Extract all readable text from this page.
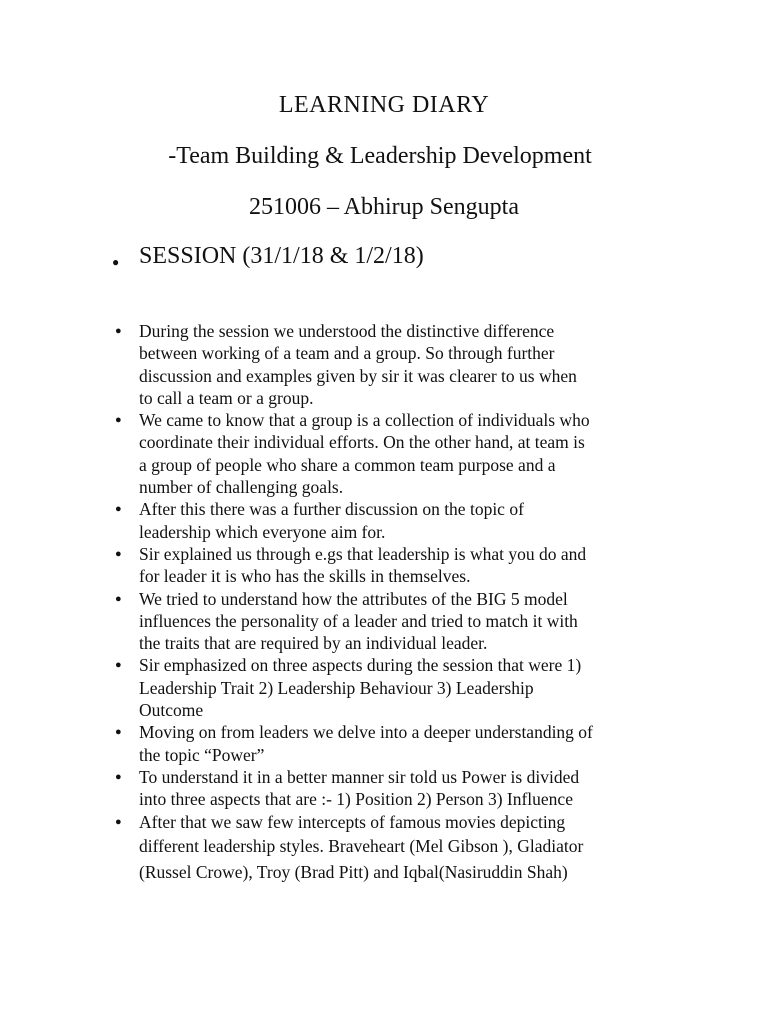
LEARNING DIARY
-Team Building & Leadership Development
251006 – Abhirup Sengupta
● SESSION (31/1/18 & 1/2/18)
● During the session we understood the distinctive difference
between working of a team and a group. So through further
discussion and examples given by sir it was clearer to us when
to call a team or a group.
● We came to know that a group is a collection of individuals who
coordinate their individual efforts. On the other hand, at team is
a group of people who share a common team purpose and a
number of challenging goals.
● After this there was a further discussion on the topic of
leadership which everyone aim for.
● Sir explained us through e.gs that leadership is what you do and
for leader it is who has the skills in themselves.
● We tried to understand how the attributes of the BIG 5 model
influences the personality of a leader and tried to match it with
the traits that are required by an individual leader.
● Sir emphasized on three aspects during the session that were 1)
Leadership Trait 2) Leadership Behaviour 3) Leadership
Outcome
● Moving on from leaders we delve into a deeper understanding of
the topic “Power”
● To understand it in a better manner sir told us Power is divided
into three aspects that are :- 1) Position 2) Person 3) Influence
● After that we saw few intercepts of famous movies depicting
different leadership styles. Braveheart (Mel Gibson ), Gladiator
(Russel Crowe), Troy (Brad Pitt) and Iqbal(Nasiruddin Shah)
